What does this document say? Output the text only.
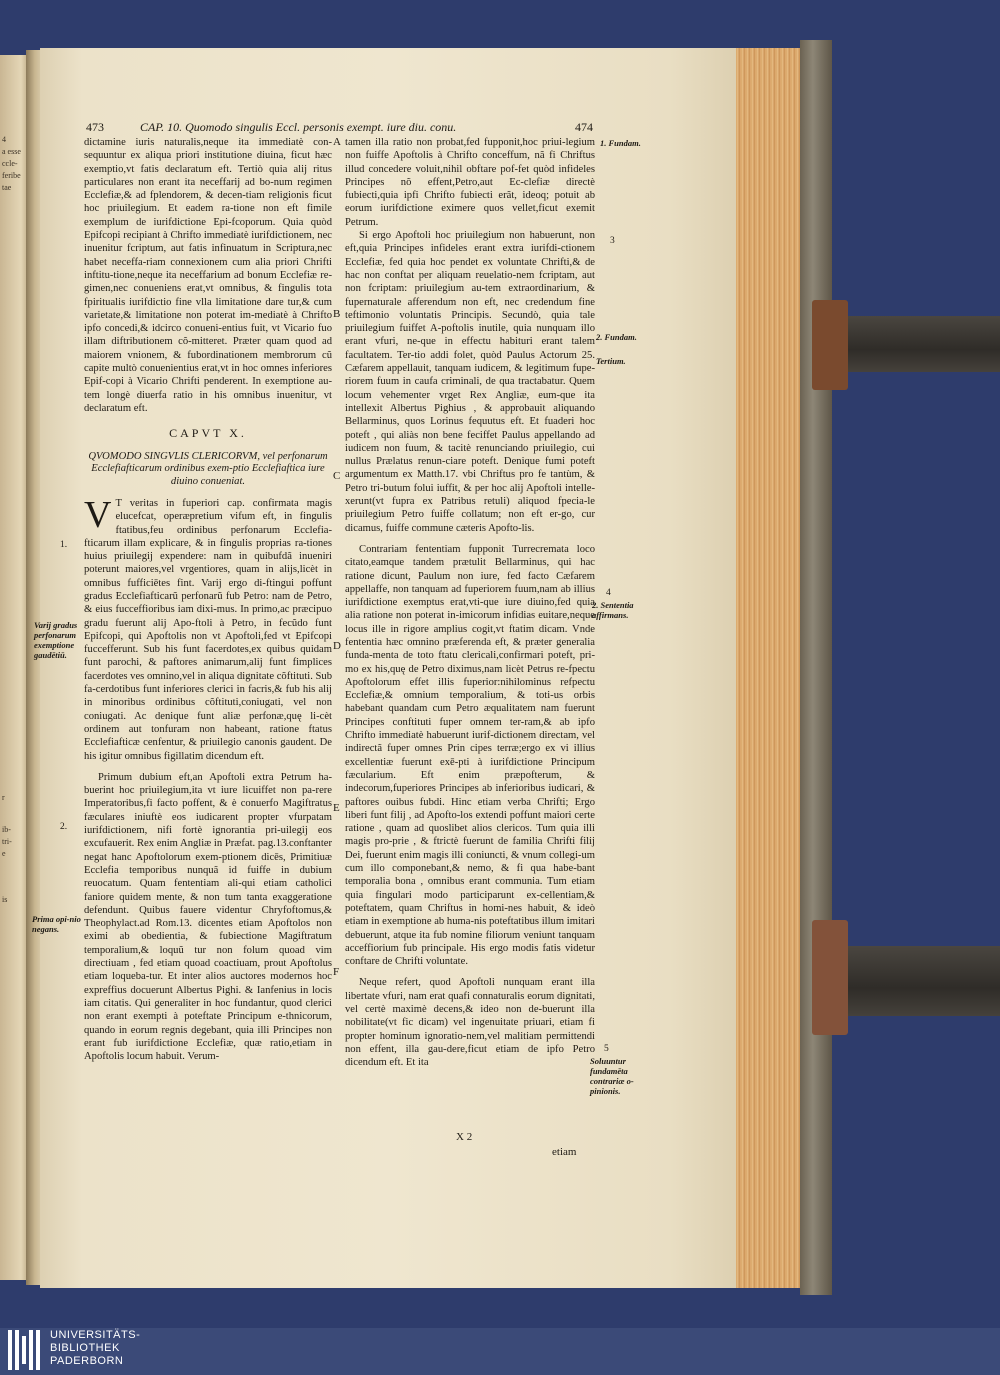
4
a esse
ccle-
feribe
tae
r
ib-
tri-
e
is
473	CAP. 10. Quomodo singulis Eccl. personis exempt. iure diu. conu.	474

dictamine iuris naturalis,neque ita immediatè con-sequuntur ex aliqua priori institutione diuina, ficut hæc exemptio,vt fatis declaratum eft. Tertiò quia alij ritus particulares non erant ita neceffarij ad bo-num regimen Ecclefiæ,& ad fplendorem, & decen-tiam religionis ficut hoc priuilegium. Et eadem ra-tione non eft fimile exemplum de iurifdictione Epi-fcoporum. Quia quòd Epifcopi recipiant à Chrifto immediatè iurifdictionem, nec inuenitur fcriptum, aut fatis infinuatum in Scriptura,nec habet neceffa-riam connexionem cum alia priori Chrifti inftitu-tione,neque ita neceffarium ad bonum Ecclefiæ re-gimen,nec conueniens erat,vt omnibus, & fingulis tota fpiritualis iurifdictio fine vlla limitatione dare tur,& cum varietate,& limitatione non poterat im-mediatè à Chrifto ipfo concedi,& idcirco conueni-entius fuit, vt Vicario fuo illam diftributionem cõ-mitteret. Præter quam quod ad maiorem vnionem, & fubordinationem membrorum cũ capite multò conuenientius erat,vt in hoc omnes inferiores Epif-copi à Vicario Chrifti penderent. In exemptione au-tem longè diuerfa ratio in his omnibus inuenitur, vt declaratum eft.

CAPVT X.

QVOMODO SINGVLIS CLERICORVM, vel perfonarum Ecclefiafticarum ordinibus exem-ptio Ecclefiaftica iure diuino conueniat.

V T veritas in fuperiori cap. confirmata magis elucefcat, operæpretium vifum eft, in fingulis ftatibus,feu ordinibus perfonarum Ecclefia-fticarum illam explicare, & in fingulis proprias ra-tiones huius priuilegij expendere: nam in quibufdã inueniri poterunt maiores,vel vrgentiores, quam in alijs,licèt in omnibus fufficiētes fint. Varij ergo di-ftingui poffunt gradus Ecclefiafticarũ perfonarũ fub Petro: nam de Petro, & eius fucceffioribus iam dixi-mus. In primo,ac præcipuo gradu fuerunt alij Apo-ftoli à Petro, in fecũdo funt Epifcopi, qui Apoftolis non vt Apoftoli,fed vt Epifcopi fuccefferunt. Sub his funt facerdotes,ex quibus quidam funt parochi, & paftores animarum,alij funt fimplices facerdotes ves omnino,vel in aliqua dignitate cõftituti. Sub fa-cerdotibus funt inferiores clerici in facris,& fub his alij in minoribus ordinibus cõftituti,coniugati, vel non coniugati. Ac denique funt aliæ perfonæ,quę li-cèt ordinem aut tonfuram non habeant, ratione ftatus Ecclefiafticæ cenfentur, & priuilegio canonis gaudent. De his igitur omnibus figillatim dicendum eft.

Primum dubium eft,an Apoftoli extra Petrum ha-buerint hoc priuilegium,ita vt iure licuiffet non pa-rere Imperatoribus,fi facto poffent, & è conuerfo Magiftratus fæculares iniuftè eos iudicarent propter vfurpatam iurifdictionem, nifi fortè ignorantia pri-uilegij eos excufauerit. Rex enim Angliæ in Præfat. pag.13.conftanter negat hanc Apoftolorum exem-ptionem dicēs, Primitiuæ Ecclefia temporibus nunquã id fuiffe in dubium reuocatum. Quam fententiam ali-qui etiam catholici faniore quidem mente, & non tum tanta exaggeratione defendunt. Quibus fauere videntur Chryfoftomus,& Theophylact.ad Rom.13. dicentes etiam Apoftolos non eximi ab obedientia, & fubiectione Magiftratum temporalium,& loquũ tur non folum quoad vim directiuam , fed etiam quoad coactiuam, prout Apoftolus etiam loqueba-tur. Et inter alios auctores modernos hoc expreffius docuerunt Albertus Pighi. & Ianfenius in locis iam citatis. Qui generaliter in hoc fundantur, quod clerici non erant exempti à poteftate Principum e-thnicorum, quando in eorum regnis degebant, quia illi Principes non erant fub iurifdictione Ecclefiæ, quæ ratio,etiam in Apoftolis locum habuit. Verum-

tamen illa ratio non probat,fed fupponit,hoc priui-legium non fuiffe Apoftolis à Chrifto conceffum, nã fi Chriftus illud concedere voluit,nihil obftare pof-fet quòd infideles Principes nõ effent,Petro,aut Ec-clefiæ directè fubiecti,quia ipfi Chrifto fubiecti erãt, ideoq; potuit ab eorum iurifdictione eximere quos vellet,ficut exemit Petrum.

Si ergo Apoftoli hoc priuilegium non habuerunt, non eft,quia Principes infideles erant extra iurifdi-ctionem Ecclefiæ, fed quia hoc pendet ex voluntate Chrifti,& de hac non conftat per aliquam reuelatio-nem fcriptam, aut non fcriptam: priuilegium au-tem extraordinarium, & fupernaturale afferendum non eft, nec credendum fine teftimonio voluntatis Principis. Secundò, quia tale priuilegium fuiffet A-poftolis inutile, quia nunquam illo erant vfuri, ne-que in effectu habituri erant talem facultatem. Ter-tio addi folet, quòd Paulus Actorum 25. Cæfarem appellauit, tanquam iudicem, & legitimum fupe-riorem fuum in caufa criminali, de qua tractabatur. Quem locum vehementer vrget Rex Angliæ, eum-que ita intellexit Albertus Pighius , & approbauit aliquando Bellarminus, quos Lorinus fequutus eft. Et fuaderi hoc poteft , qui aliàs non bene feciffet Paulus appellando ad iudicem non fuum, & tacitè renunciando priuilegio, cui nullus Prælatus renun-ciare poteft. Denique fumi poteft argumentum ex Matth.17. vbi Chriftus pro fe tantùm, & Petro tri-butum folui iuffit, & per hoc alij Apoftoli intelle-xerunt(vt fupra ex Patribus retuli) aliquod fpecia-le priuilegium Petro fuiffe collatum; non eft er-go, cur dicamus, fuiffe commune cæteris Apofto-lis.

Contrariam fententiam fupponit Turrecremata loco citato,eamque tandem prætulit Bellarminus, qui hac ratione dicunt, Paulum non iure, fed facto Cæfarem appellaffe, non tanquam ad fuperiorem fuum,nam ab illius iurifdictione exemptus erat,vti-que iure diuino,fed quia alia ratione non poterat in-imicorum infidias euitare,neque locus ille in rigore amplius cogit,vt ftatim dicam. Vnde fententia hæc omnino præferenda eft, & præter generalia funda-menta de toto ftatu clericali,confirmari poteft, pri-mo ex his,quę de Petro diximus,nam licèt Petrus re-fpectu Apoftolorum effet illis fuperior:nihilominus refpectu Ecclefiæ,& omnium temporalium, & toti-us orbis habebant quandam cum Petro æqualitatem nam fuerunt Principes conftituti fuper omnem ter-ram,& ab ipfo Chrifto immediatè habuerunt iurif-dictionem directam, vel indirectã fuper omnes Prin cipes terræ;ergo ex vi illius excellentiæ fuerunt exē-pti à iurifdictione Principum fæcularium. Eft enim præpofterum, & indecorum,fuperiores Principes ab inferioribus iudicari, & paftores ouibus fubdi. Hinc etiam verba Chrifti; Ergo liberi funt filij , ad Apofto-los extendi poffunt maiori certe ratione , quam ad quoslibet alios clericos. Tum quia illi magis pro-prie , & ftrictè fuerunt de familia Chrifti filij Dei, fuerunt enim magis illi coniuncti, & vnum collegi-um cum illo componebant,& nemo, & fi qua habe-bant temporalia bona , omnibus erant communia. Tum etiam quia fingulari modo participarunt ex-cellentiam,& poteftatem, quam Chriftus in homi-nes habuit, & ideò etiam in exemptione ab huma-nis poteftatibus illum imitari debuerunt, atque ita fub nomine filiorum veniunt tanquam acceffiorium fub principale. His ergo modis fatis videtur conftare de Chrifti voluntate.

Neque refert, quod Apoftoli nunquam erant illa libertate vfuri, nam erat quafi connaturalis eorum dignitati, vel certè maximè decens,& ideo non de-buerunt illa nobilitate(vt fic dicam) vel ingenuitate priuari, etiam fi propter hominum ignoratio-nem,vel malitiam permittendi non effent, illa gau-dere,ficut etiam de ipfo Petro dicendum eft. Et ita

1.
Varij gradus perfonarum exemptione gaudētiū.
2.
Prima opi-nio negans.
1. Fundam.
3
2. Fundam.
Tertium.
4
2. Sententia affirmans.
5
Soluuntur fundamēta contrariæ o-pinionis.
A
B
C
D
E
F
X 2
etiam
UNIVERSITÄTS-
BIBLIOTHEK
PADERBORN
